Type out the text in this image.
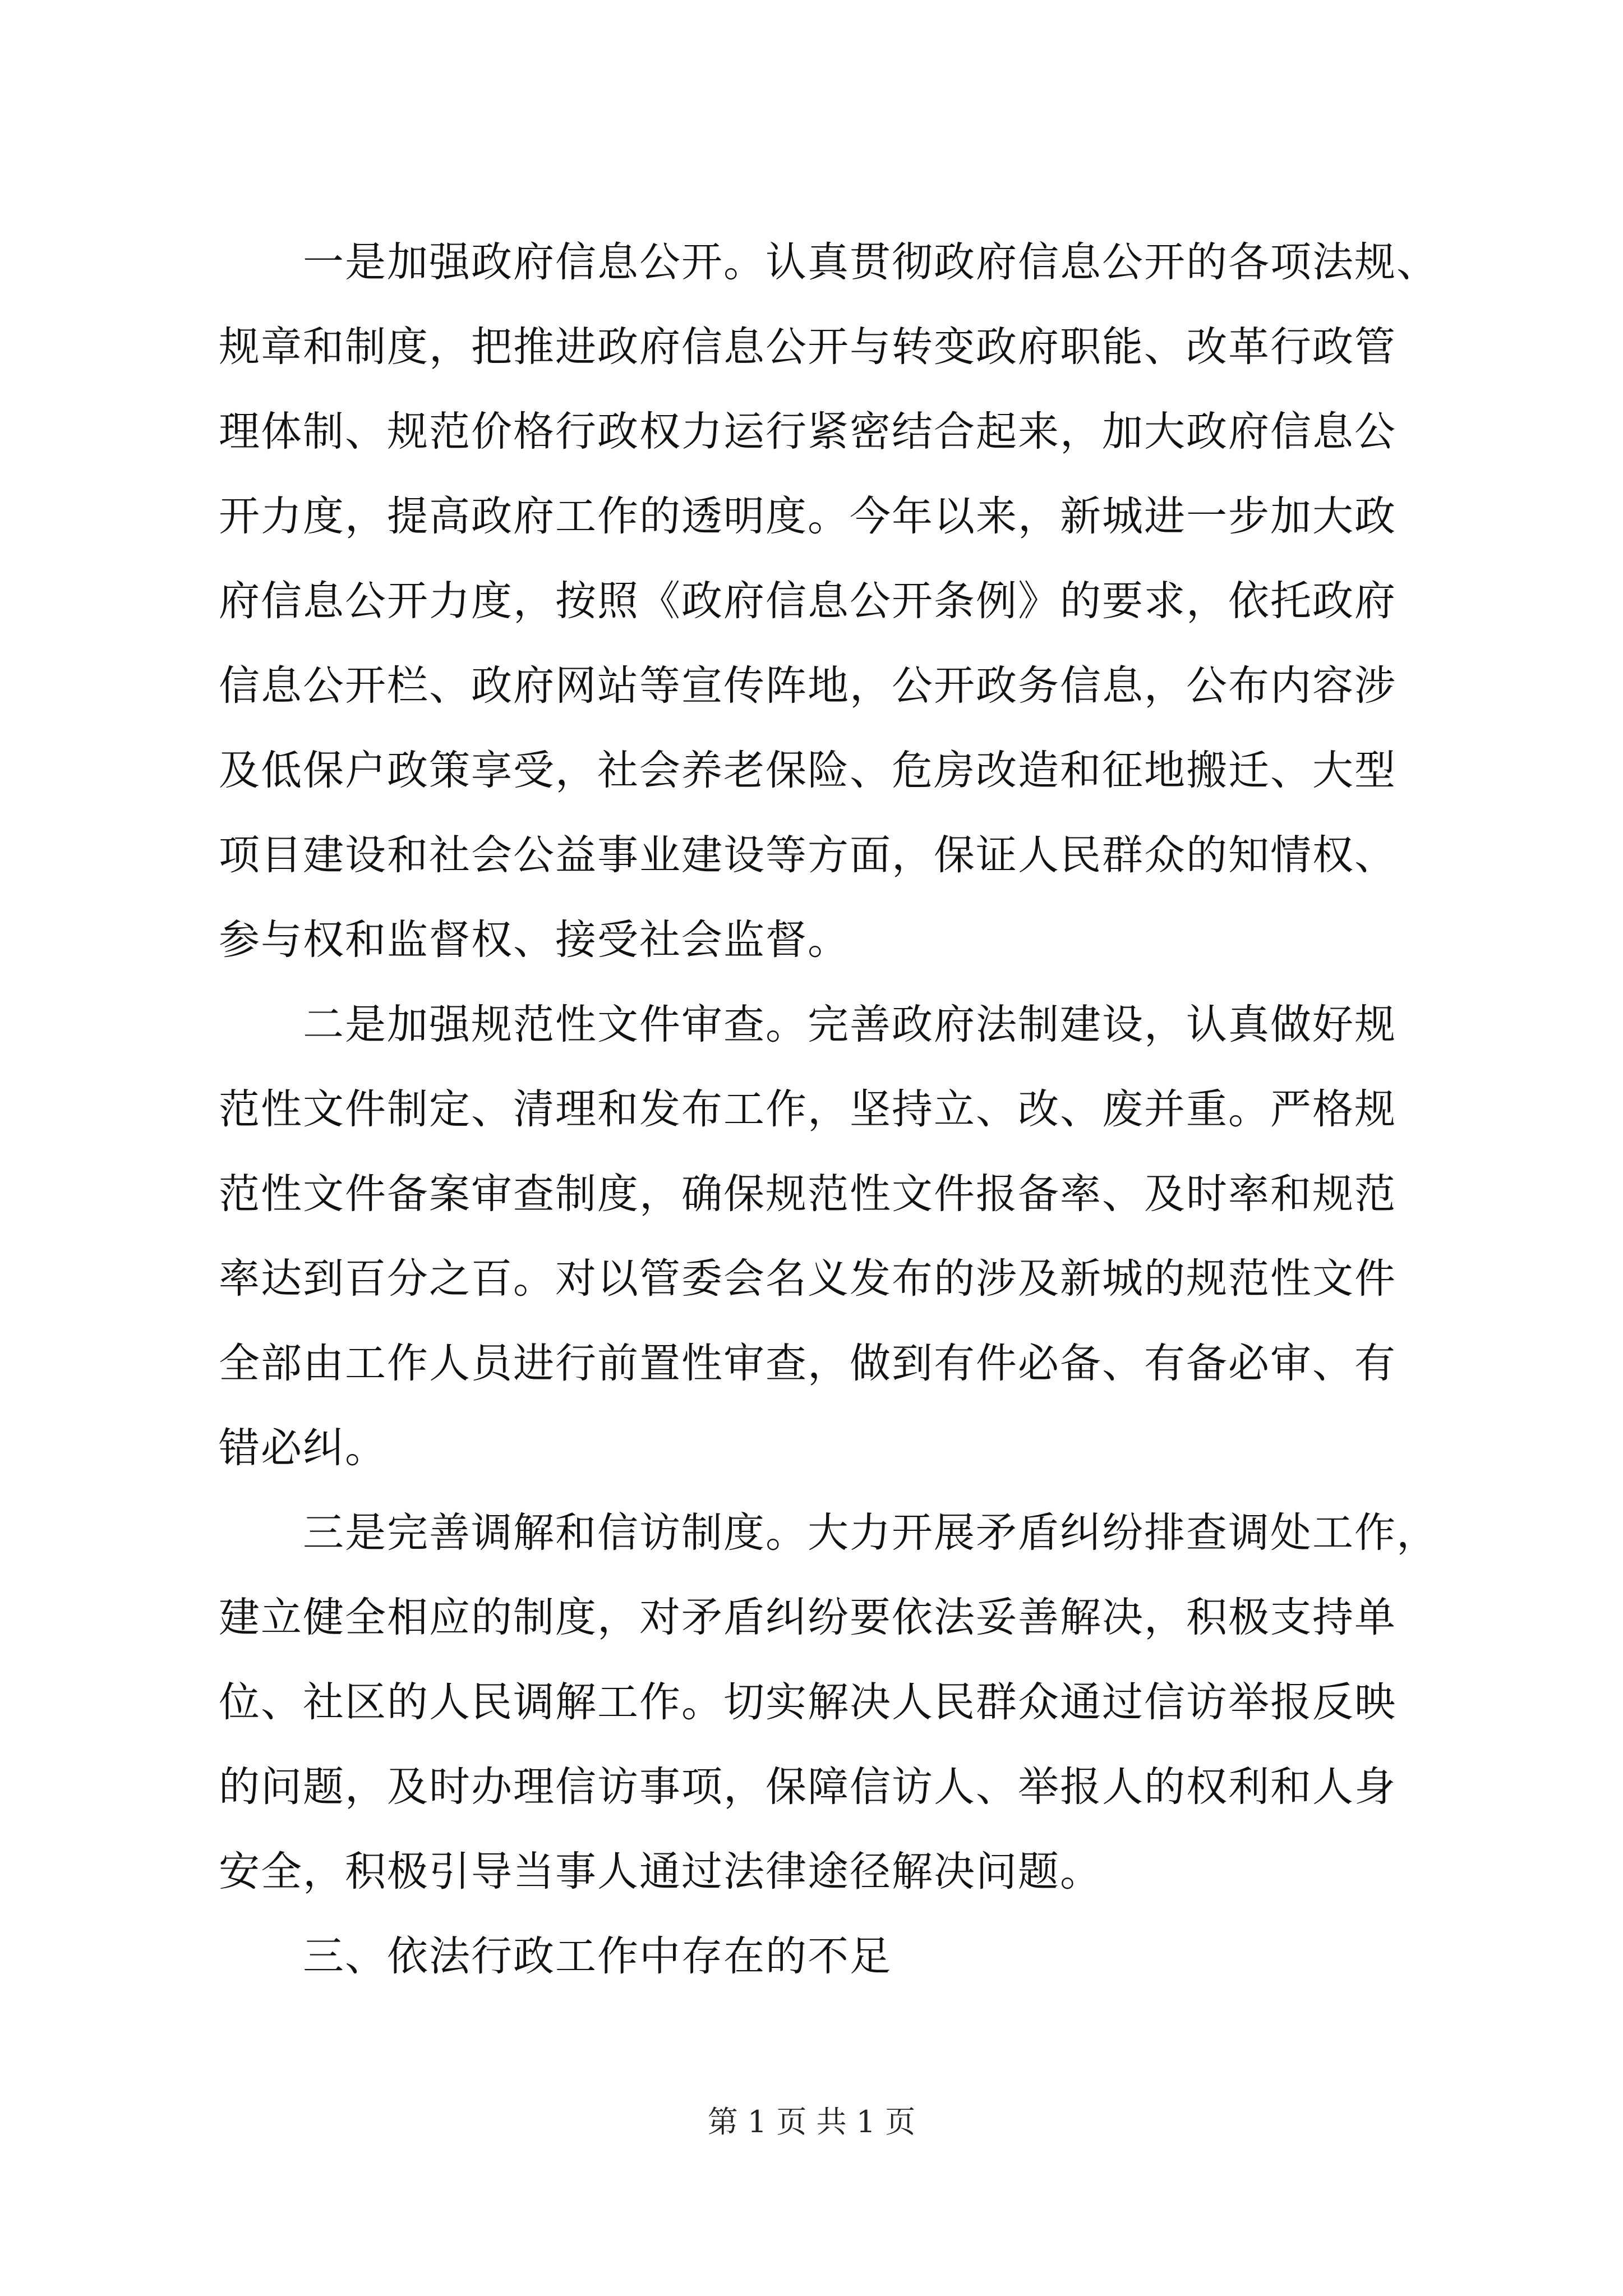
一是加强政府信息公开。认真贯彻政府信息公开的各项法规、
规章和制度，把推进政府信息公开与转变政府职能、改革行政管
理体制、规范价格行政权力运行紧密结合起来，加大政府信息公
开力度，提高政府工作的透明度。今年以来，新城进一步加大政
府信息公开力度，按照《政府信息公开条例》的要求，依托政府
信息公开栏、政府网站等宣传阵地，公开政务信息，公布内容涉
及低保户政策享受，社会养老保险、危房改造和征地搬迁、大型
项目建设和社会公益事业建设等方面，保证人民群众的知情权、
参与权和监督权、接受社会监督。
二是加强规范性文件审查。完善政府法制建设，认真做好规
范性文件制定、清理和发布工作，坚持立、改、废并重。严格规
范性文件备案审查制度，确保规范性文件报备率、及时率和规范
率达到百分之百。对以管委会名义发布的涉及新城的规范性文件
全部由工作人员进行前置性审查，做到有件必备、有备必审、有
错必纠。
三是完善调解和信访制度。大力开展矛盾纠纷排查调处工作，
建立健全相应的制度，对矛盾纠纷要依法妥善解决，积极支持单
位、社区的人民调解工作。切实解决人民群众通过信访举报反映
的问题，及时办理信访事项，保障信访人、举报人的权利和人身
安全，积极引导当事人通过法律途径解决问题。
三、依法行政工作中存在的不足
第 1 页 共 1 页
